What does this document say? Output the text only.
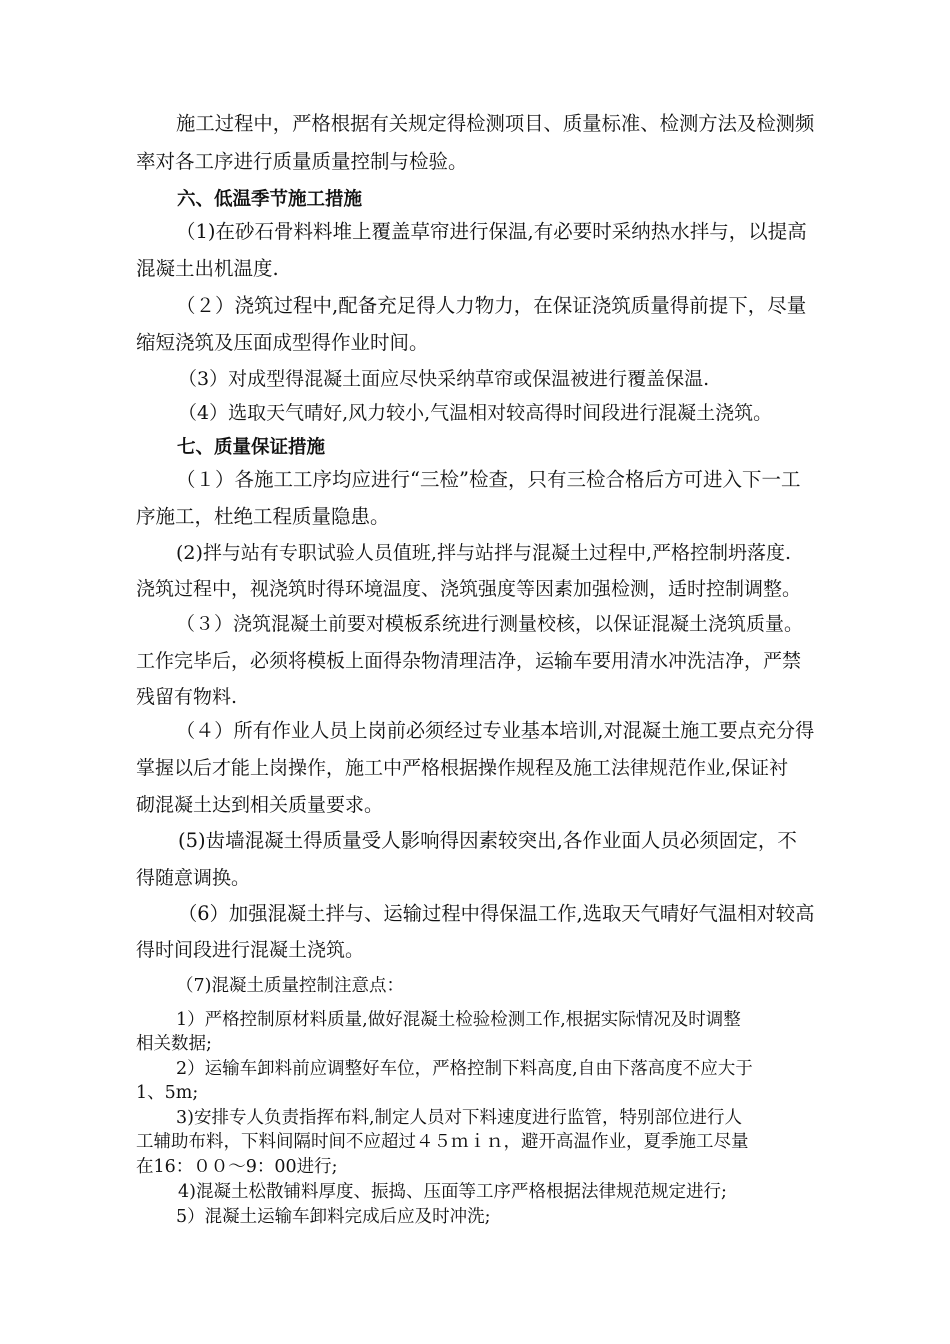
施工过程中，严格根据有关规定得检测项目、质量标准、检测方法及检测频

率对各工序进行质量质量控制与检验。

六、低温季节施工措施

（1)在砂石骨料料堆上覆盖草帘进行保温,有必要时采纳热水拌与，以提高

混凝土出机温度.

（２）浇筑过程中,配备充足得人力物力，在保证浇筑质量得前提下，尽量

缩短浇筑及压面成型得作业时间。

（3）对成型得混凝土面应尽快采纳草帘或保温被进行覆盖保温.

（4）选取天气晴好,风力较小,气温相对较高得时间段进行混凝土浇筑。

七、质量保证措施

（１）各施工工序均应进行“三检”检查，只有三检合格后方可进入下一工

序施工，杜绝工程质量隐患。

(2)拌与站有专职试验人员值班,拌与站拌与混凝土过程中,严格控制坍落度.

浇筑过程中，视浇筑时得环境温度、浇筑强度等因素加强检测，适时控制调整。

（３）浇筑混凝土前要对模板系统进行测量校核，以保证混凝土浇筑质量。

工作完毕后，必须将模板上面得杂物清理洁净，运输车要用清水冲洗洁净，严禁

残留有物料.

（４）所有作业人员上岗前必须经过专业基本培训,对混凝土施工要点充分得

掌握以后才能上岗操作，施工中严格根据操作规程及施工法律规范作业,保证衬

砌混凝土达到相关质量要求。

(5)齿墙混凝土得质量受人影响得因素较突出,各作业面人员必须固定，不

得随意调换。

（6）加强混凝土拌与、运输过程中得保温工作,选取天气晴好气温相对较高

得时间段进行混凝土浇筑。

（7)混凝土质量控制注意点：

1）严格控制原材料质量,做好混凝土检验检测工作,根据实际情况及时调整

相关数据;

2）运输车卸料前应调整好车位，严格控制下料高度,自由下落高度不应大于

1、5m;

3)安排专人负责指挥布料,制定人员对下料速度进行监管，特别部位进行人

工辅助布料，下料间隔时间不应超过４５ｍｉｎ，避开高温作业，夏季施工尽量

在16：００～9：00进行;

4)混凝土松散铺料厚度、振捣、压面等工序严格根据法律规范规定进行;

5）混凝土运输车卸料完成后应及时冲洗;
